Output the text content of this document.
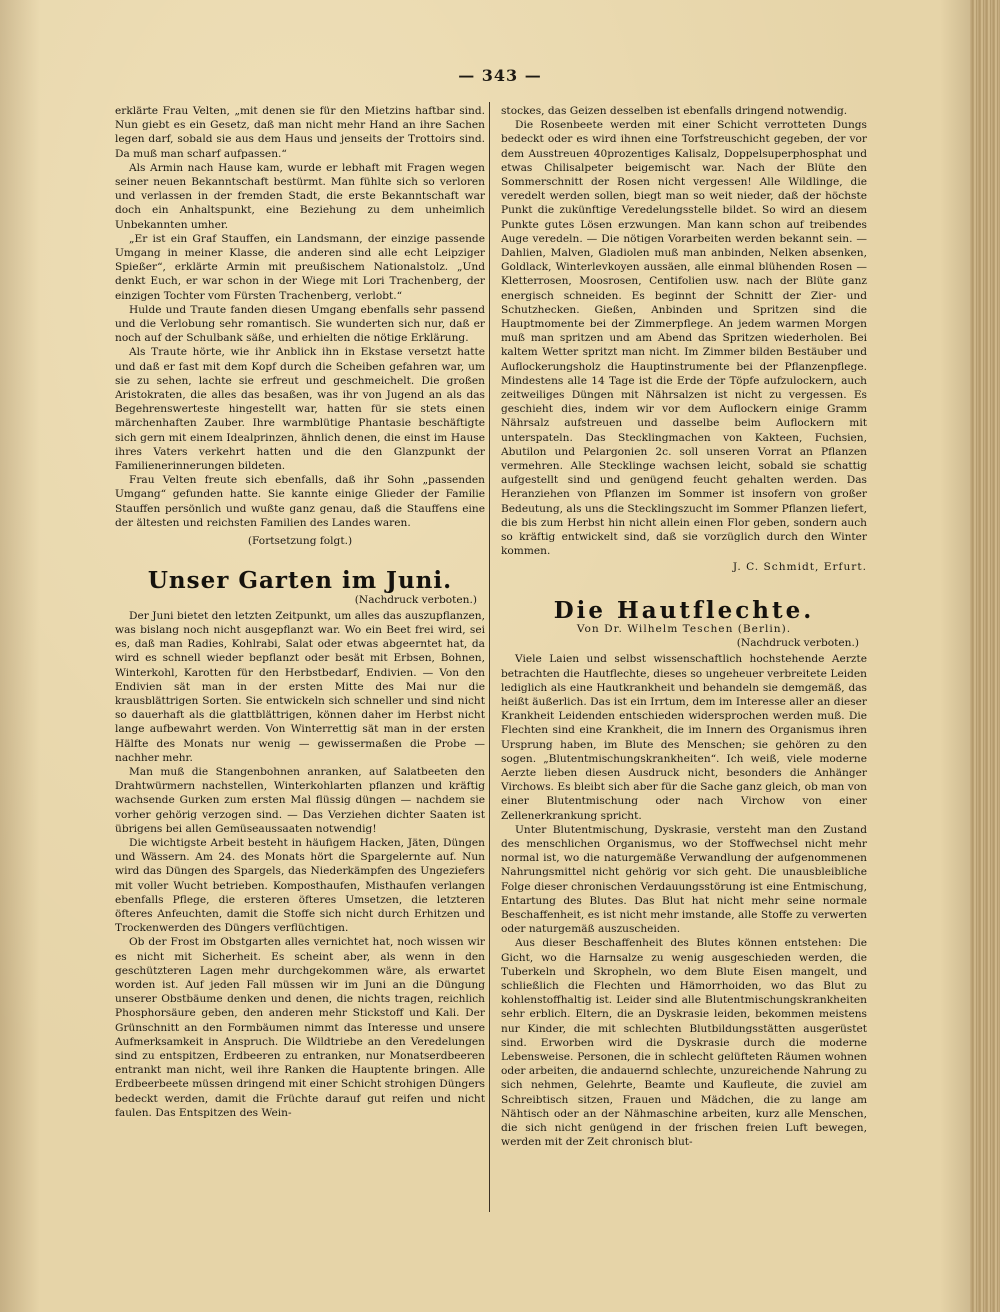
— 343 —

erklärte Frau Velten, „mit denen sie für den Mietzins haftbar sind. Nun giebt es ein Gesetz, daß man nicht mehr Hand an ihre Sachen legen darf, sobald sie aus dem Haus und jenseits der Trottoirs sind. Da muß man scharf aufpassen.“

Als Armin nach Hause kam, wurde er lebhaft mit Fragen wegen seiner neuen Bekanntschaft bestürmt. Man fühlte sich so verloren und verlassen in der fremden Stadt, die erste Bekanntschaft war doch ein Anhaltspunkt, eine Beziehung zu dem unheimlich Unbekannten umher.

„Er ist ein Graf Stauffen, ein Landsmann, der einzige passende Umgang in meiner Klasse, die anderen sind alle echt Leipziger Spießer“, erklärte Armin mit preußischem Nationalstolz. „Und denkt Euch, er war schon in der Wiege mit Lori Trachenberg, der einzigen Tochter vom Fürsten Trachenberg, verlobt.“

Hulde und Traute fanden diesen Umgang ebenfalls sehr passend und die Verlobung sehr romantisch. Sie wunderten sich nur, daß er noch auf der Schulbank säße, und erhielten die nötige Erklärung.

Als Traute hörte, wie ihr Anblick ihn in Ekstase versetzt hatte und daß er fast mit dem Kopf durch die Scheiben gefahren war, um sie zu sehen, lachte sie erfreut und geschmeichelt. Die großen Aristokraten, die alles das besaßen, was ihr von Jugend an als das Begehrenswerteste hingestellt war, hatten für sie stets einen märchenhaften Zauber. Ihre warmblütige Phantasie beschäftigte sich gern mit einem Idealprinzen, ähnlich denen, die einst im Hause ihres Vaters verkehrt hatten und die den Glanzpunkt der Familienerinnerungen bildeten.

Frau Velten freute sich ebenfalls, daß ihr Sohn „passenden Umgang“ gefunden hatte. Sie kannte einige Glieder der Familie Stauffen persönlich und wußte ganz genau, daß die Stauffens eine der ältesten und reichsten Familien des Landes waren.

(Fortsetzung folgt.)

Unser Garten im Juni.

(Nachdruck verboten.)

Der Juni bietet den letzten Zeitpunkt, um alles das auszupflanzen, was bislang noch nicht ausgepflanzt war. Wo ein Beet frei wird, sei es, daß man Radies, Kohlrabi, Salat oder etwas abgeerntet hat, da wird es schnell wieder bepflanzt oder besät mit Erbsen, Bohnen, Winterkohl, Karotten für den Herbstbedarf, Endivien. — Von den Endivien sät man in der ersten Mitte des Mai nur die krausblättrigen Sorten. Sie entwickeln sich schneller und sind nicht so dauerhaft als die glattblättrigen, können daher im Herbst nicht lange aufbewahrt werden. Von Winterrettig sät man in der ersten Hälfte des Monats nur wenig — gewissermaßen die Probe — nachher mehr.

Man muß die Stangenbohnen anranken, auf Salatbeeten den Drahtwürmern nachstellen, Winterkohlarten pflanzen und kräftig wachsende Gurken zum ersten Mal flüssig düngen — nachdem sie vorher gehörig verzogen sind. — Das Verziehen dichter Saaten ist übrigens bei allen Gemüseaussaaten notwendig!

Die wichtigste Arbeit besteht in häufigem Hacken, Jäten, Düngen und Wässern. Am 24. des Monats hört die Spargelernte auf. Nun wird das Düngen des Spargels, das Niederkämpfen des Ungeziefers mit voller Wucht betrieben. Komposthaufen, Misthaufen verlangen ebenfalls Pflege, die ersteren öfteres Umsetzen, die letzteren öfteres Anfeuchten, damit die Stoffe sich nicht durch Erhitzen und Trockenwerden des Düngers verflüchtigen.

Ob der Frost im Obstgarten alles vernichtet hat, noch wissen wir es nicht mit Sicherheit. Es scheint aber, als wenn in den geschützteren Lagen mehr durchgekommen wäre, als erwartet worden ist. Auf jeden Fall müssen wir im Juni an die Düngung unserer Obstbäume denken und denen, die nichts tragen, reichlich Phosphorsäure geben, den anderen mehr Stickstoff und Kali. Der Grünschnitt an den Formbäumen nimmt das Interesse und unsere Aufmerksamkeit in Anspruch. Die Wildtriebe an den Veredelungen sind zu entspitzen, Erdbeeren zu entranken, nur Monatserdbeeren entrankt man nicht, weil ihre Ranken die Hauptente bringen. Alle Erdbeerbeete müssen dringend mit einer Schicht strohigen Düngers bedeckt werden, damit die Früchte darauf gut reifen und nicht faulen. Das Entspitzen des Wein-

stockes, das Geizen desselben ist ebenfalls dringend notwendig.

Die Rosenbeete werden mit einer Schicht verrotteten Dungs bedeckt oder es wird ihnen eine Torfstreuschicht gegeben, der vor dem Ausstreuen 40prozentiges Kalisalz, Doppelsuperphosphat und etwas Chilisalpeter beigemischt war. Nach der Blüte den Sommerschnitt der Rosen nicht vergessen! Alle Wildlinge, die veredelt werden sollen, biegt man so weit nieder, daß der höchste Punkt die zukünftige Veredelungsstelle bildet. So wird an diesem Punkte gutes Lösen erzwungen. Man kann schon auf treibendes Auge veredeln. — Die nötigen Vorarbeiten werden bekannt sein. — Dahlien, Malven, Gladiolen muß man anbinden, Nelken absenken, Goldlack, Winterlevkoyen aussäen, alle einmal blühenden Rosen — Kletterrosen, Moosrosen, Centifolien usw. nach der Blüte ganz energisch schneiden. Es beginnt der Schnitt der Zier- und Schutzhecken. Gießen, Anbinden und Spritzen sind die Hauptmomente bei der Zimmerpflege. An jedem warmen Morgen muß man spritzen und am Abend das Spritzen wiederholen. Bei kaltem Wetter spritzt man nicht. Im Zimmer bilden Bestäuber und Auflockerungsholz die Hauptinstrumente bei der Pflanzenpflege. Mindestens alle 14 Tage ist die Erde der Töpfe aufzulockern, auch zeitweiliges Düngen mit Nährsalzen ist nicht zu vergessen. Es geschieht dies, indem wir vor dem Auflockern einige Gramm Nährsalz aufstreuen und dasselbe beim Auflockern mit unterspateln. Das Stecklingmachen von Kakteen, Fuchsien, Abutilon und Pelargonien 2c. soll unseren Vorrat an Pflanzen vermehren. Alle Stecklinge wachsen leicht, sobald sie schattig aufgestellt sind und genügend feucht gehalten werden. Das Heranziehen von Pflanzen im Sommer ist insofern von großer Bedeutung, als uns die Stecklingszucht im Sommer Pflanzen liefert, die bis zum Herbst hin nicht allein einen Flor geben, sondern auch so kräftig entwickelt sind, daß sie vorzüglich durch den Winter kommen.

J. C. Schmidt, Erfurt.

Die Hautflechte.

Von Dr. Wilhelm Teschen (Berlin).

(Nachdruck verboten.)

Viele Laien und selbst wissenschaftlich hochstehende Aerzte betrachten die Hautflechte, dieses so ungeheuer verbreitete Leiden lediglich als eine Hautkrankheit und behandeln sie demgemäß, das heißt äußerlich. Das ist ein Irrtum, dem im Interesse aller an dieser Krankheit Leidenden entschieden widersprochen werden muß. Die Flechten sind eine Krankheit, die im Innern des Organismus ihren Ursprung haben, im Blute des Menschen; sie gehören zu den sogen. „Blutentmischungskrankheiten“. Ich weiß, viele moderne Aerzte lieben diesen Ausdruck nicht, besonders die Anhänger Virchows. Es bleibt sich aber für die Sache ganz gleich, ob man von einer Blutentmischung oder nach Virchow von einer Zellenerkrankung spricht.

Unter Blutentmischung, Dyskrasie, versteht man den Zustand des menschlichen Organismus, wo der Stoffwechsel nicht mehr normal ist, wo die naturgemäße Verwandlung der aufgenommenen Nahrungsmittel nicht gehörig vor sich geht. Die unausbleibliche Folge dieser chronischen Verdauungsstörung ist eine Entmischung, Entartung des Blutes. Das Blut hat nicht mehr seine normale Beschaffenheit, es ist nicht mehr imstande, alle Stoffe zu verwerten oder naturgemäß auszuscheiden.

Aus dieser Beschaffenheit des Blutes können entstehen: Die Gicht, wo die Harnsalze zu wenig ausgeschieden werden, die Tuberkeln und Skropheln, wo dem Blute Eisen mangelt, und schließlich die Flechten und Hämorrhoiden, wo das Blut zu kohlenstoffhaltig ist. Leider sind alle Blutentmischungskrankheiten sehr erblich. Eltern, die an Dyskrasie leiden, bekommen meistens nur Kinder, die mit schlechten Blutbildungsstätten ausgerüstet sind. Erworben wird die Dyskrasie durch die moderne Lebensweise. Personen, die in schlecht gelüfteten Räumen wohnen oder arbeiten, die andauernd schlechte, unzureichende Nahrung zu sich nehmen, Gelehrte, Beamte und Kaufleute, die zuviel am Schreibtisch sitzen, Frauen und Mädchen, die zu lange am Nähtisch oder an der Nähmaschine arbeiten, kurz alle Menschen, die sich nicht genügend in der frischen freien Luft bewegen, werden mit der Zeit chronisch blut-
